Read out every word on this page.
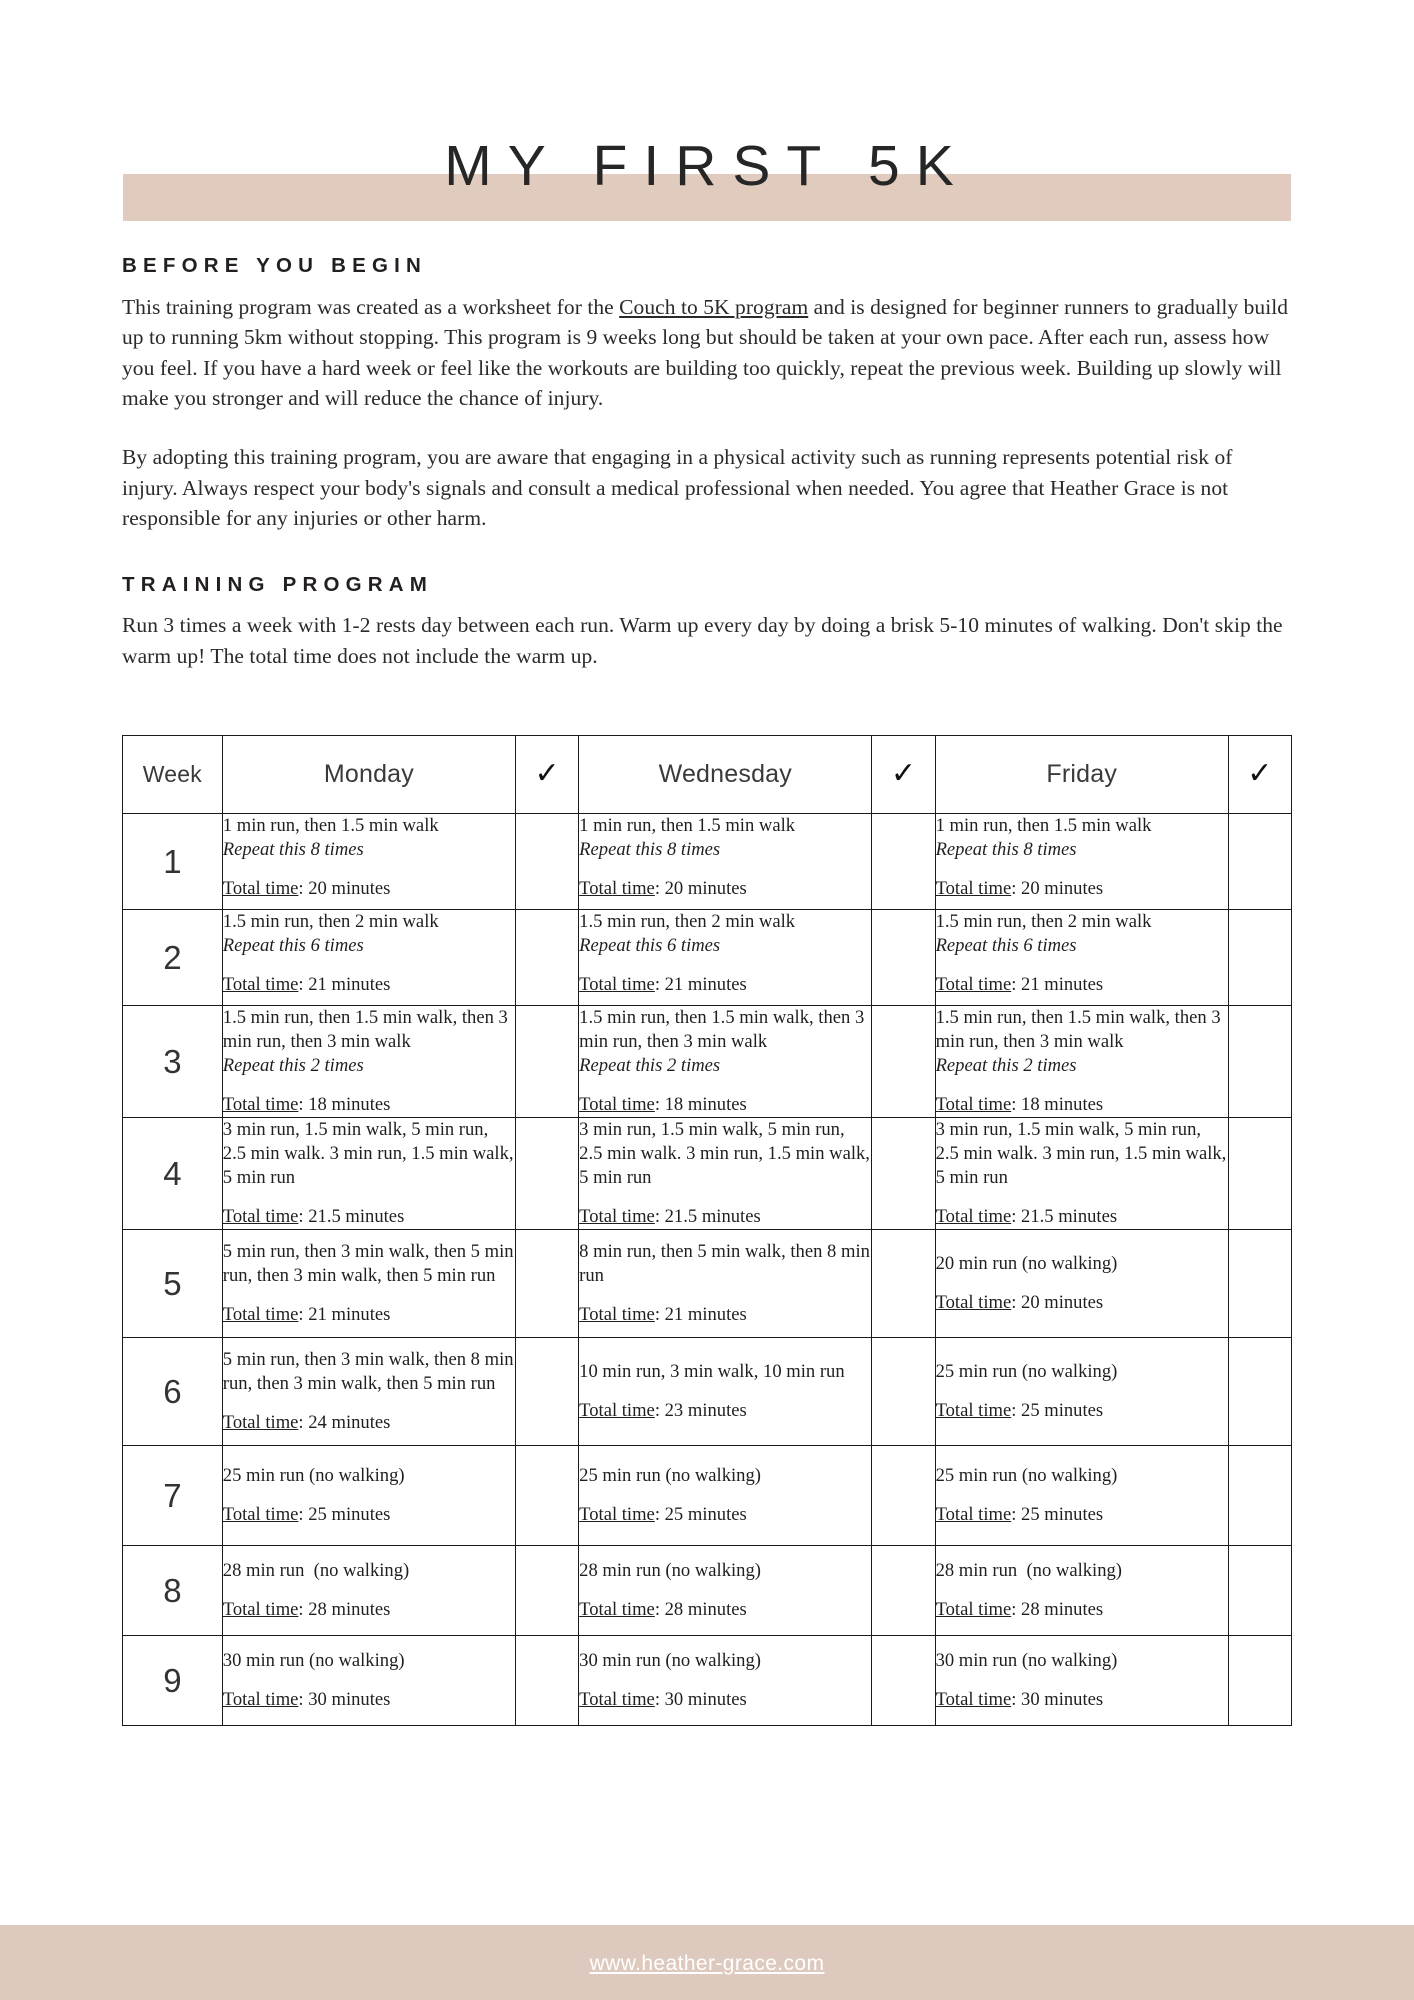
MY FIRST 5K
BEFORE YOU BEGIN

This training program was created as a worksheet for the Couch to 5K program and is designed for beginner runners to gradually build up to running 5km without stopping. This program is 9 weeks long but should be taken at your own pace. After each run, assess how you feel. If you have a hard week or feel like the workouts are building too quickly, repeat the previous week. Building up slowly will make you stronger and will reduce the chance of injury.

By adopting this training program, you are aware that engaging in a physical activity such as running represents potential risk of injury. Always respect your body's signals and consult a medical professional when needed. You agree that Heather Grace is not responsible for any injuries or other harm.

TRAINING PROGRAM

Run 3 times a week with 1-2 rests day between each run. Warm up every day by doing a brisk 5-10 minutes of walking. Don't skip the warm up! The total time does not include the warm up.

Week	Monday	✓	Wednesday	✓	Friday	✓
1	1 min run, then 1.5 min walk
Repeat this 8 times
Total time: 20 minutes		1 min run, then 1.5 min walk
Repeat this 8 times
Total time: 20 minutes		1 min run, then 1.5 min walk
Repeat this 8 times
Total time: 20 minutes	

2	1.5 min run, then 2 min walk
Repeat this 6 times
Total time: 21 minutes		1.5 min run, then 2 min walk
Repeat this 6 times
Total time: 21 minutes		1.5 min run, then 2 min walk
Repeat this 6 times
Total time: 21 minutes	

3	1.5 min run, then 1.5 min walk, then 3 min run, then 3 min walk
Repeat this 2 times
Total time: 18 minutes		1.5 min run, then 1.5 min walk, then 3 min run, then 3 min walk
Repeat this 2 times
Total time: 18 minutes		1.5 min run, then 1.5 min walk, then 3 min run, then 3 min walk
Repeat this 2 times
Total time: 18 minutes	

4	3 min run, 1.5 min walk, 5 min run, 2.5 min walk. 3 min run, 1.5 min walk, 5 min run
Total time: 21.5 minutes		3 min run, 1.5 min walk, 5 min run, 2.5 min walk. 3 min run, 1.5 min walk, 5 min run
Total time: 21.5 minutes		3 min run, 1.5 min walk, 5 min run, 2.5 min walk. 3 min run, 1.5 min walk, 5 min run
Total time: 21.5 minutes	

5	5 min run, then 3 min walk, then 5 min run, then 3 min walk, then 5 min run
Total time: 21 minutes		8 min run, then 5 min walk, then 8 min run
Total time: 21 minutes		20 min run (no walking)
Total time: 20 minutes	

6	5 min run, then 3 min walk, then 8 min run, then 3 min walk, then 5 min run
Total time: 24 minutes		10 min run, 3 min walk, 10 min run
Total time: 23 minutes		25 min run (no walking)
Total time: 25 minutes	

7	25 min run (no walking)
Total time: 25 minutes		25 min run (no walking)
Total time: 25 minutes		25 min run (no walking)
Total time: 25 minutes	

8	28 min run  (no walking)
Total time: 28 minutes		28 min run (no walking)
Total time: 28 minutes		28 min run  (no walking)
Total time: 28 minutes	

9	30 min run (no walking)
Total time: 30 minutes		30 min run (no walking)
Total time: 30 minutes		30 min run (no walking)
Total time: 30 minutes	

www.heather-grace.com
